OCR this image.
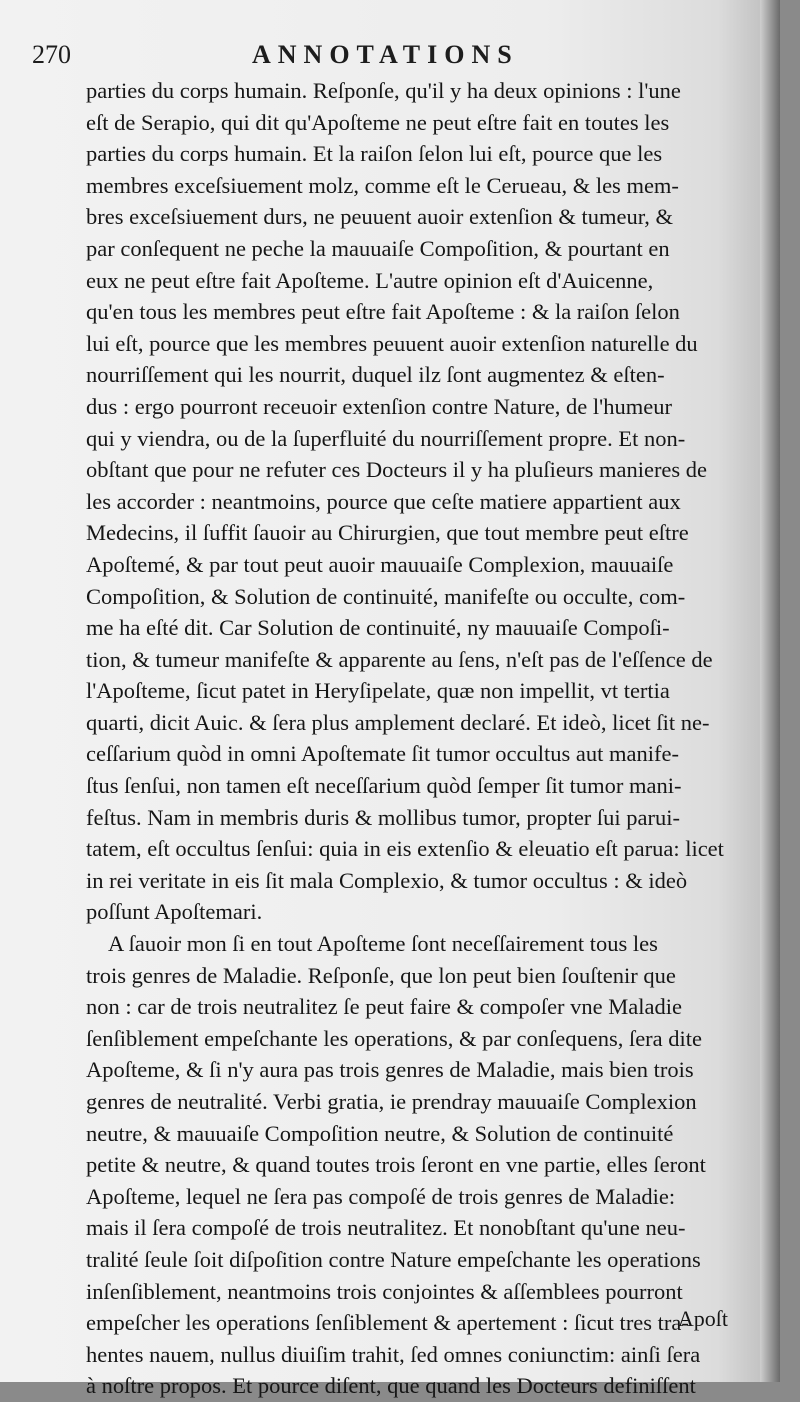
270	ANNOTATIONS
parties du corps humain. Reſponſe, qu'il y ha deux opinions : l'une
eſt de Serapio, qui dit qu'Apoſteme ne peut eſtre fait en toutes les
parties du corps humain. Et la raiſon ſelon lui eſt, pource que les
membres exceſsiuement molz, comme eſt le Cerueau, & les mem-
bres exceſsiuement durs, ne peuuent auoir extenſion & tumeur, &
par conſequent ne peche la mauuaiſe Compoſition, & pourtant en
eux ne peut eſtre fait Apoſteme. L'autre opinion eſt d'Auicenne,
qu'en tous les membres peut eſtre fait Apoſteme : & la raiſon ſelon
lui eſt, pource que les membres peuuent auoir extenſion naturelle du
nourriſſement qui les nourrit, duquel ilz ſont augmentez & eſten-
dus : ergo pourront receuoir extenſion contre Nature, de l'humeur
qui y viendra, ou de la ſuperfluité du nourriſſement propre. Et non-
obſtant que pour ne refuter ces Docteurs il y ha pluſieurs manieres de
les accorder : neantmoins, pource que ceſte matiere appartient aux
Medecins, il ſuffit ſauoir au Chirurgien, que tout membre peut eſtre
Apoſtemé, & par tout peut auoir mauuaiſe Complexion, mauuaiſe
Compoſition, & Solution de continuité, manifeſte ou occulte, com-
me ha eſté dit. Car Solution de continuité, ny mauuaiſe Compoſi-
tion, & tumeur manifeſte & apparente au ſens, n'eſt pas de l'eſſence de
l'Apoſteme, ſicut patet in Heryſipelate, quæ non impellit, vt tertia
quarti, dicit Auic. & ſera plus amplement declaré. Et ideò, licet ſit ne-
ceſſarium quòd in omni Apoſtemate ſit tumor occultus aut manife-
ſtus ſenſui, non tamen eſt neceſſarium quòd ſemper ſit tumor mani-
feſtus. Nam in membris duris & mollibus tumor, propter ſui parui-
tatem, eſt occultus ſenſui: quia in eis extenſio & eleuatio eſt parua: licet
in rei veritate in eis ſit mala Complexio, & tumor occultus : & ideò
poſſunt Apoſtemari.
A ſauoir mon ſi en tout Apoſteme ſont neceſſairement tous les
trois genres de Maladie. Reſponſe, que lon peut bien ſouſtenir que
non : car de trois neutralitez ſe peut faire & compoſer vne Maladie
ſenſiblement empeſchante les operations, & par conſequens, ſera dite
Apoſteme, & ſi n'y aura pas trois genres de Maladie, mais bien trois
genres de neutralité. Verbi gratia, ie prendray mauuaiſe Complexion
neutre, & mauuaiſe Compoſition neutre, & Solution de continuité
petite & neutre, & quand toutes trois ſeront en vne partie, elles ſeront
Apoſteme, lequel ne ſera pas compoſé de trois genres de Maladie:
mais il ſera compoſé de trois neutralitez. Et nonobſtant qu'une neu-
tralité ſeule ſoit diſpoſition contre Nature empeſchante les operations
inſenſiblement, neantmoins trois conjointes & aſſemblees pourront
empeſcher les operations ſenſiblement & apertement : ſicut tres tra-
hentes nauem, nullus diuiſim trahit, ſed omnes coniunctim: ainſi ſera
à noſtre propos. Et pource diſent, que quand les Docteurs definiſſent
Apoſt
